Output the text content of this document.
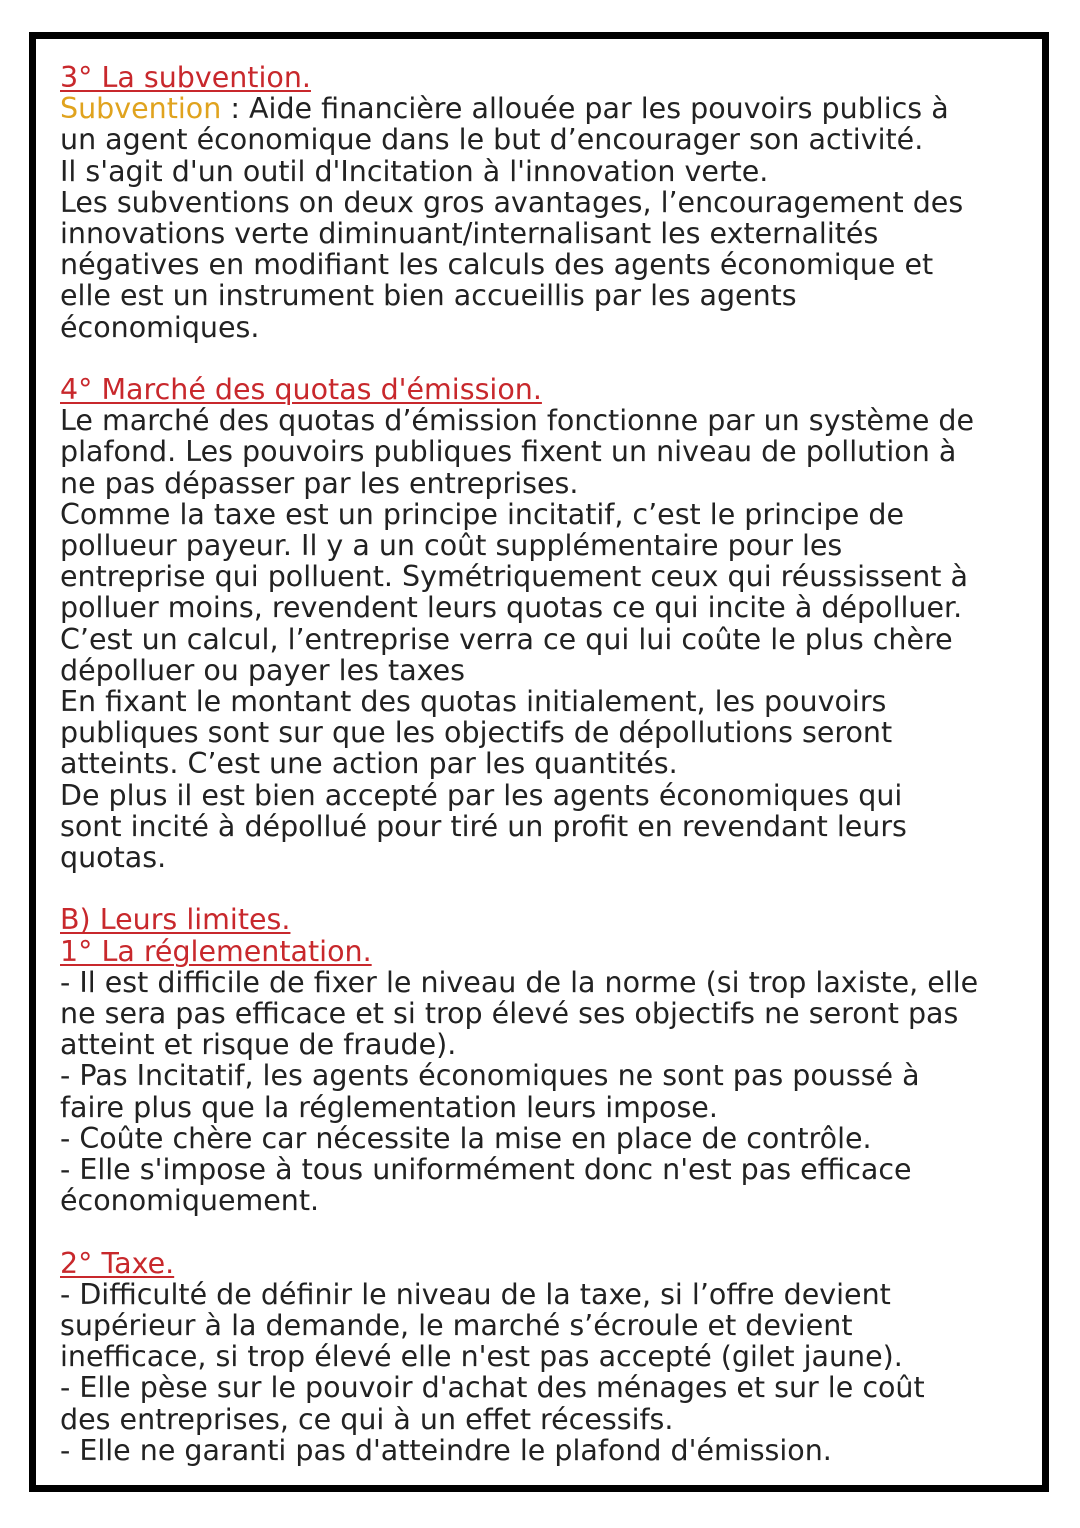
3° La subvention.

Subvention : Aide financière allouée par les pouvoirs publics à

un agent économique dans le but d’encourager son activité.

Il s'agit d'un outil d'Incitation à l'innovation verte.

Les subventions on deux gros avantages, l’encouragement des

innovations verte diminuant/internalisant les externalités

négatives en modifiant les calculs des agents économique et

elle est un instrument bien accueillis par les agents

économiques.

4° Marché des quotas d'émission.

Le marché des quotas d’émission fonctionne par un système de

plafond. Les pouvoirs publiques fixent un niveau de pollution à

ne pas dépasser par les entreprises.

Comme la taxe est un principe incitatif, c’est le principe de

pollueur payeur. Il y a un coût supplémentaire pour les

entreprise qui polluent. Symétriquement ceux qui réussissent à

polluer moins, revendent leurs quotas ce qui incite à dépolluer.

C’est un calcul, l’entreprise verra ce qui lui coûte le plus chère

dépolluer ou payer les taxes

En fixant le montant des quotas initialement, les pouvoirs

publiques sont sur que les objectifs de dépollutions seront

atteints. C’est une action par les quantités.

De plus il est bien accepté par les agents économiques qui

sont incité à dépollué pour tiré un profit en revendant leurs

quotas.

B) Leurs limites.

1° La réglementation.

- Il est difficile de fixer le niveau de la norme (si trop laxiste, elle

ne sera pas efficace et si trop élevé ses objectifs ne seront pas

atteint et risque de fraude).

- Pas Incitatif, les agents économiques ne sont pas poussé à

faire plus que la réglementation leurs impose.

- Coûte chère car nécessite la mise en place de contrôle.

- Elle s'impose à tous uniformément donc n'est pas efficace

économiquement.

2° Taxe.

- Difficulté de définir le niveau de la taxe, si l’offre devient

supérieur à la demande, le marché s’écroule et devient

inefficace, si trop élevé elle n'est pas accepté (gilet jaune).

- Elle pèse sur le pouvoir d'achat des ménages et sur le coût

des entreprises, ce qui à un effet récessifs.

- Elle ne garanti pas d'atteindre le plafond d'émission.
